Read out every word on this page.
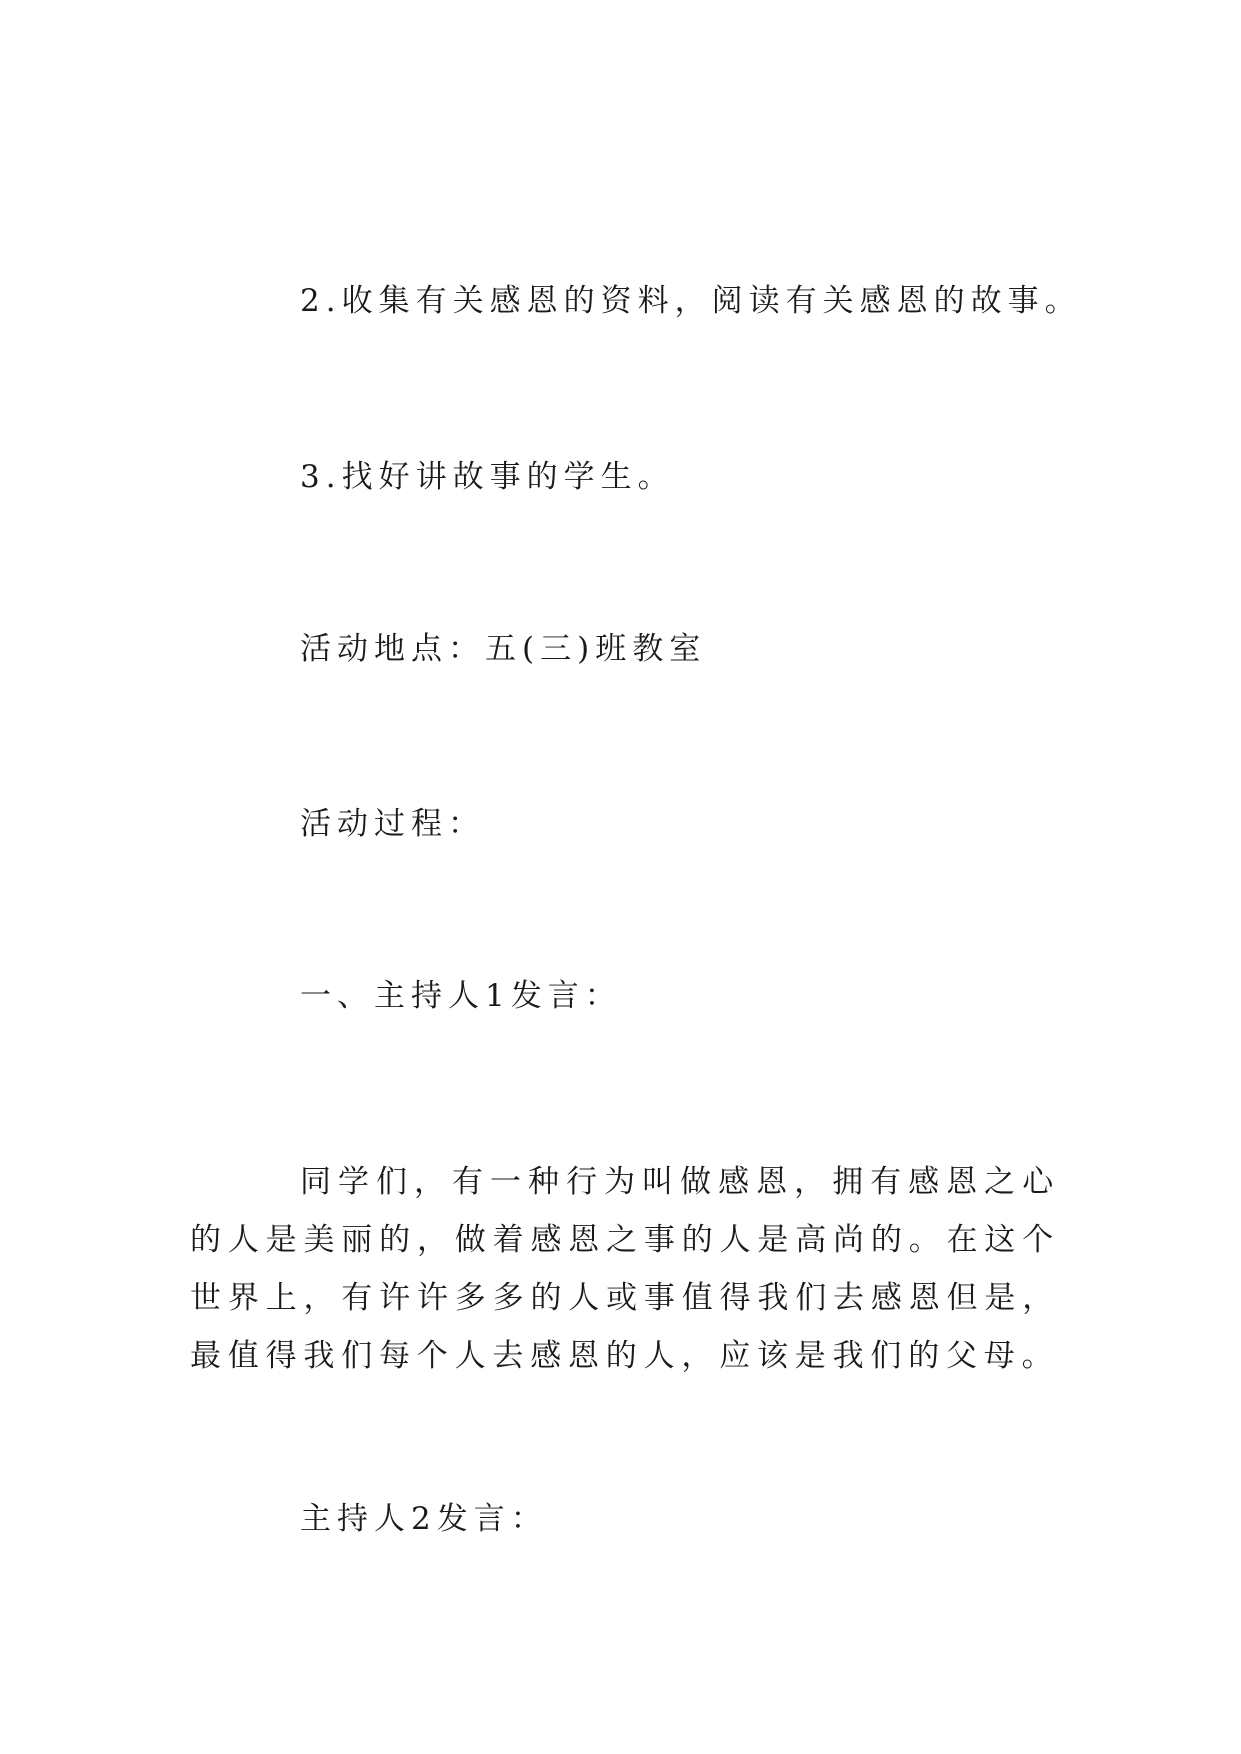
2.收集有关感恩的资料，阅读有关感恩的故事。

3.找好讲故事的学生。

活动地点：五(三)班教室

活动过程：

一、主持人1发言：

同学们，有一种行为叫做感恩，拥有感恩之心的人是美丽的，做着感恩之事的人是高尚的。在这个世界上，有许许多多的人或事值得我们去感恩但是，最值得我们每个人去感恩的人，应该是我们的父母。

主持人2发言：
